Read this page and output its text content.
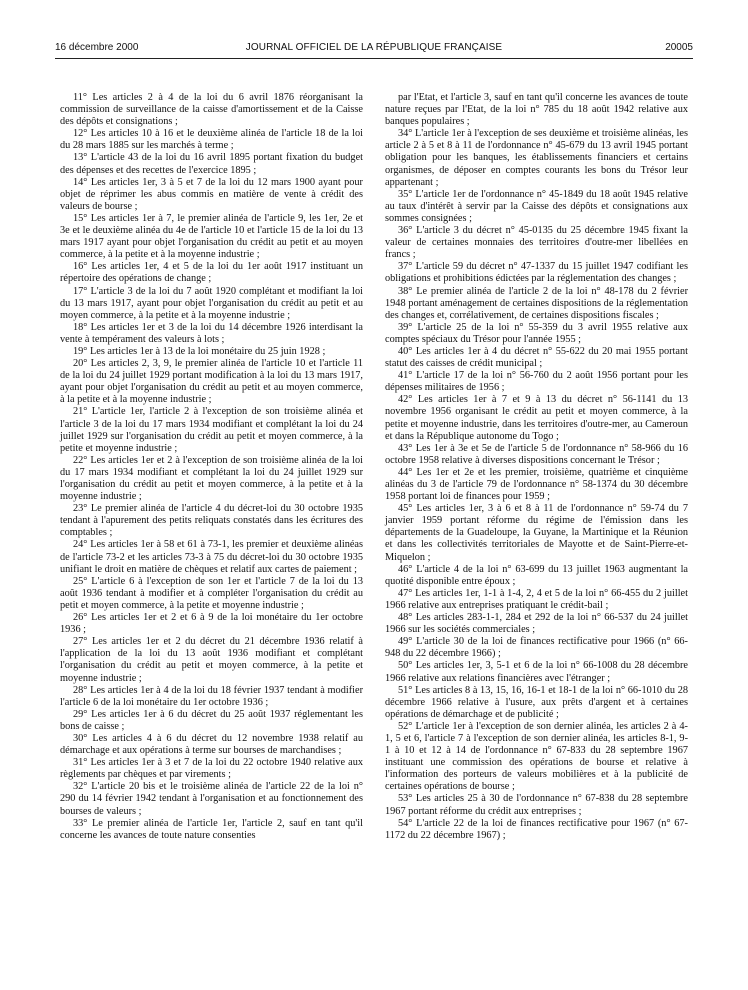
16 décembre 2000	JOURNAL OFFICIEL DE LA RÉPUBLIQUE FRANÇAISE	20005

11° Les articles 2 à 4 de la loi du 6 avril 1876 réorganisant la commission de surveillance de la caisse d'amortissement et de la Caisse des dépôts et consignations ;

12° Les articles 10 à 16 et le deuxième alinéa de l'article 18 de la loi du 28 mars 1885 sur les marchés à terme ;

13° L'article 43 de la loi du 16 avril 1895 portant fixation du budget des dépenses et des recettes de l'exercice 1895 ;

14° Les articles 1er, 3 à 5 et 7 de la loi du 12 mars 1900 ayant pour objet de réprimer les abus commis en matière de vente à crédit des valeurs de bourse ;

15° Les articles 1er à 7, le premier alinéa de l'article 9, les 1er, 2e et 3e et le deuxième alinéa du 4e de l'article 10 et l'article 15 de la loi du 13 mars 1917 ayant pour objet l'organisation du crédit au petit et au moyen commerce, à la petite et à la moyenne industrie ;

16° Les articles 1er, 4 et 5 de la loi du 1er août 1917 instituant un répertoire des opérations de change ;

17° L'article 3 de la loi du 7 août 1920 complétant et modifiant la loi du 13 mars 1917, ayant pour objet l'organisation du crédit au petit et au moyen commerce, à la petite et à la moyenne industrie ;

18° Les articles 1er et 3 de la loi du 14 décembre 1926 interdisant la vente à tempérament des valeurs à lots ;

19° Les articles 1er à 13 de la loi monétaire du 25 juin 1928 ;

20° Les articles 2, 3, 9, le premier alinéa de l'article 10 et l'article 11 de la loi du 24 juillet 1929 portant modification à la loi du 13 mars 1917, ayant pour objet l'organisation du crédit au petit et au moyen commerce, à la petite et à la moyenne industrie ;

21° L'article 1er, l'article 2 à l'exception de son troisième alinéa et l'article 3 de la loi du 17 mars 1934 modifiant et complétant la loi du 24 juillet 1929 sur l'organisation du crédit au petit et moyen commerce, à la petite et moyenne industrie ;

22° Les articles 1er et 2 à l'exception de son troisième alinéa de la loi du 17 mars 1934 modifiant et complétant la loi du 24 juillet 1929 sur l'organisation du crédit au petit et moyen commerce, à la petite et à la moyenne industrie ;

23° Le premier alinéa de l'article 4 du décret-loi du 30 octobre 1935 tendant à l'apurement des petits reliquats constatés dans les écritures des comptables ;

24° Les articles 1er à 58 et 61 à 73-1, les premier et deuxième alinéas de l'article 73-2 et les articles 73-3 à 75 du décret-loi du 30 octobre 1935 unifiant le droit en matière de chèques et relatif aux cartes de paiement ;

25° L'article 6 à l'exception de son 1er et l'article 7 de la loi du 13 août 1936 tendant à modifier et à compléter l'organisation du crédit au petit et moyen commerce, à la petite et moyenne industrie ;

26° Les articles 1er et 2 et 6 à 9 de la loi monétaire du 1er octobre 1936 ;

27° Les articles 1er et 2 du décret du 21 décembre 1936 relatif à l'application de la loi du 13 août 1936 modifiant et complétant l'organisation du crédit au petit et moyen commerce, à la petite et moyenne industrie ;

28° Les articles 1er à 4 de la loi du 18 février 1937 tendant à modifier l'article 6 de la loi monétaire du 1er octobre 1936 ;

29° Les articles 1er à 6 du décret du 25 août 1937 réglementant les bons de caisse ;

30° Les articles 4 à 6 du décret du 12 novembre 1938 relatif au démarchage et aux opérations à terme sur bourses de marchandises ;

31° Les articles 1er à 3 et 7 de la loi du 22 octobre 1940 relative aux règlements par chèques et par virements ;

32° L'article 20 bis et le troisième alinéa de l'article 22 de la loi n° 290 du 14 février 1942 tendant à l'organisation et au fonctionnement des bourses de valeurs ;

33° Le premier alinéa de l'article 1er, l'article 2, sauf en tant qu'il concerne les avances de toute nature consenties

par l'Etat, et l'article 3, sauf en tant qu'il concerne les avances de toute nature reçues par l'Etat, de la loi n° 785 du 18 août 1942 relative aux banques populaires ;

34° L'article 1er à l'exception de ses deuxième et troisième alinéas, les article 2 à 5 et 8 à 11 de l'ordonnance n° 45-679 du 13 avril 1945 portant obligation pour les banques, les établissements financiers et certains organismes, de déposer en comptes courants les bons du Trésor leur appartenant ;

35° L'article 1er de l'ordonnance n° 45-1849 du 18 août 1945 relative au taux d'intérêt à servir par la Caisse des dépôts et consignations aux sommes consignées ;

36° L'article 3 du décret n° 45-0135 du 25 décembre 1945 fixant la valeur de certaines monnaies des territoires d'outre-mer libellées en francs ;

37° L'article 59 du décret n° 47-1337 du 15 juillet 1947 codifiant les obligations et prohibitions édictées par la réglementation des changes ;

38° Le premier alinéa de l'article 2 de la loi n° 48-178 du 2 février 1948 portant aménagement de certaines dispositions de la réglementation des changes et, corrélativement, de certaines dispositions fiscales ;

39° L'article 25 de la loi n° 55-359 du 3 avril 1955 relative aux comptes spéciaux du Trésor pour l'année 1955 ;

40° Les articles 1er à 4 du décret n° 55-622 du 20 mai 1955 portant statut des caisses de crédit municipal ;

41° L'article 17 de la loi n° 56-760 du 2 août 1956 portant pour les dépenses militaires de 1956 ;

42° Les articles 1er à 7 et 9 à 13 du décret n° 56-1141 du 13 novembre 1956 organisant le crédit au petit et moyen commerce, à la petite et moyenne industrie, dans les territoires d'outre-mer, au Cameroun et dans la République autonome du Togo ;

43° Les 1er à 3e et 5e de l'article 5 de l'ordonnance n° 58-966 du 16 octobre 1958 relative à diverses dispositions concernant le Trésor ;

44° Les 1er et 2e et les premier, troisième, quatrième et cinquième alinéas du 3 de l'article 79 de l'ordonnance n° 58-1374 du 30 décembre 1958 portant loi de finances pour 1959 ;

45° Les articles 1er, 3 à 6 et 8 à 11 de l'ordonnance n° 59-74 du 7 janvier 1959 portant réforme du régime de l'émission dans les départements de la Guadeloupe, la Guyane, la Martinique et la Réunion et dans les collectivités territoriales de Mayotte et de Saint-Pierre-et-Miquelon ;

46° L'article 4 de la loi n° 63-699 du 13 juillet 1963 augmentant la quotité disponible entre époux ;

47° Les articles 1er, 1-1 à 1-4, 2, 4 et 5 de la loi n° 66-455 du 2 juillet 1966 relative aux entreprises pratiquant le crédit-bail ;

48° Les articles 283-1-1, 284 et 292 de la loi n° 66-537 du 24 juillet 1966 sur les sociétés commerciales ;

49° L'article 30 de la loi de finances rectificative pour 1966 (n° 66-948 du 22 décembre 1966) ;

50° Les articles 1er, 3, 5-1 et 6 de la loi n° 66-1008 du 28 décembre 1966 relative aux relations financières avec l'étranger ;

51° Les articles 8 à 13, 15, 16, 16-1 et 18-1 de la loi n° 66-1010 du 28 décembre 1966 relative à l'usure, aux prêts d'argent et à certaines opérations de démarchage et de publicité ;

52° L'article 1er à l'exception de son dernier alinéa, les articles 2 à 4-1, 5 et 6, l'article 7 à l'exception de son dernier alinéa, les articles 8-1, 9-1 à 10 et 12 à 14 de l'ordonnance n° 67-833 du 28 septembre 1967 instituant une commission des opérations de bourse et relative à l'information des porteurs de valeurs mobilières et à la publicité de certaines opérations de bourse ;

53° Les articles 25 à 30 de l'ordonnance n° 67-838 du 28 septembre 1967 portant réforme du crédit aux entreprises ;

54° L'article 22 de la loi de finances rectificative pour 1967 (n° 67-1172 du 22 décembre 1967) ;
